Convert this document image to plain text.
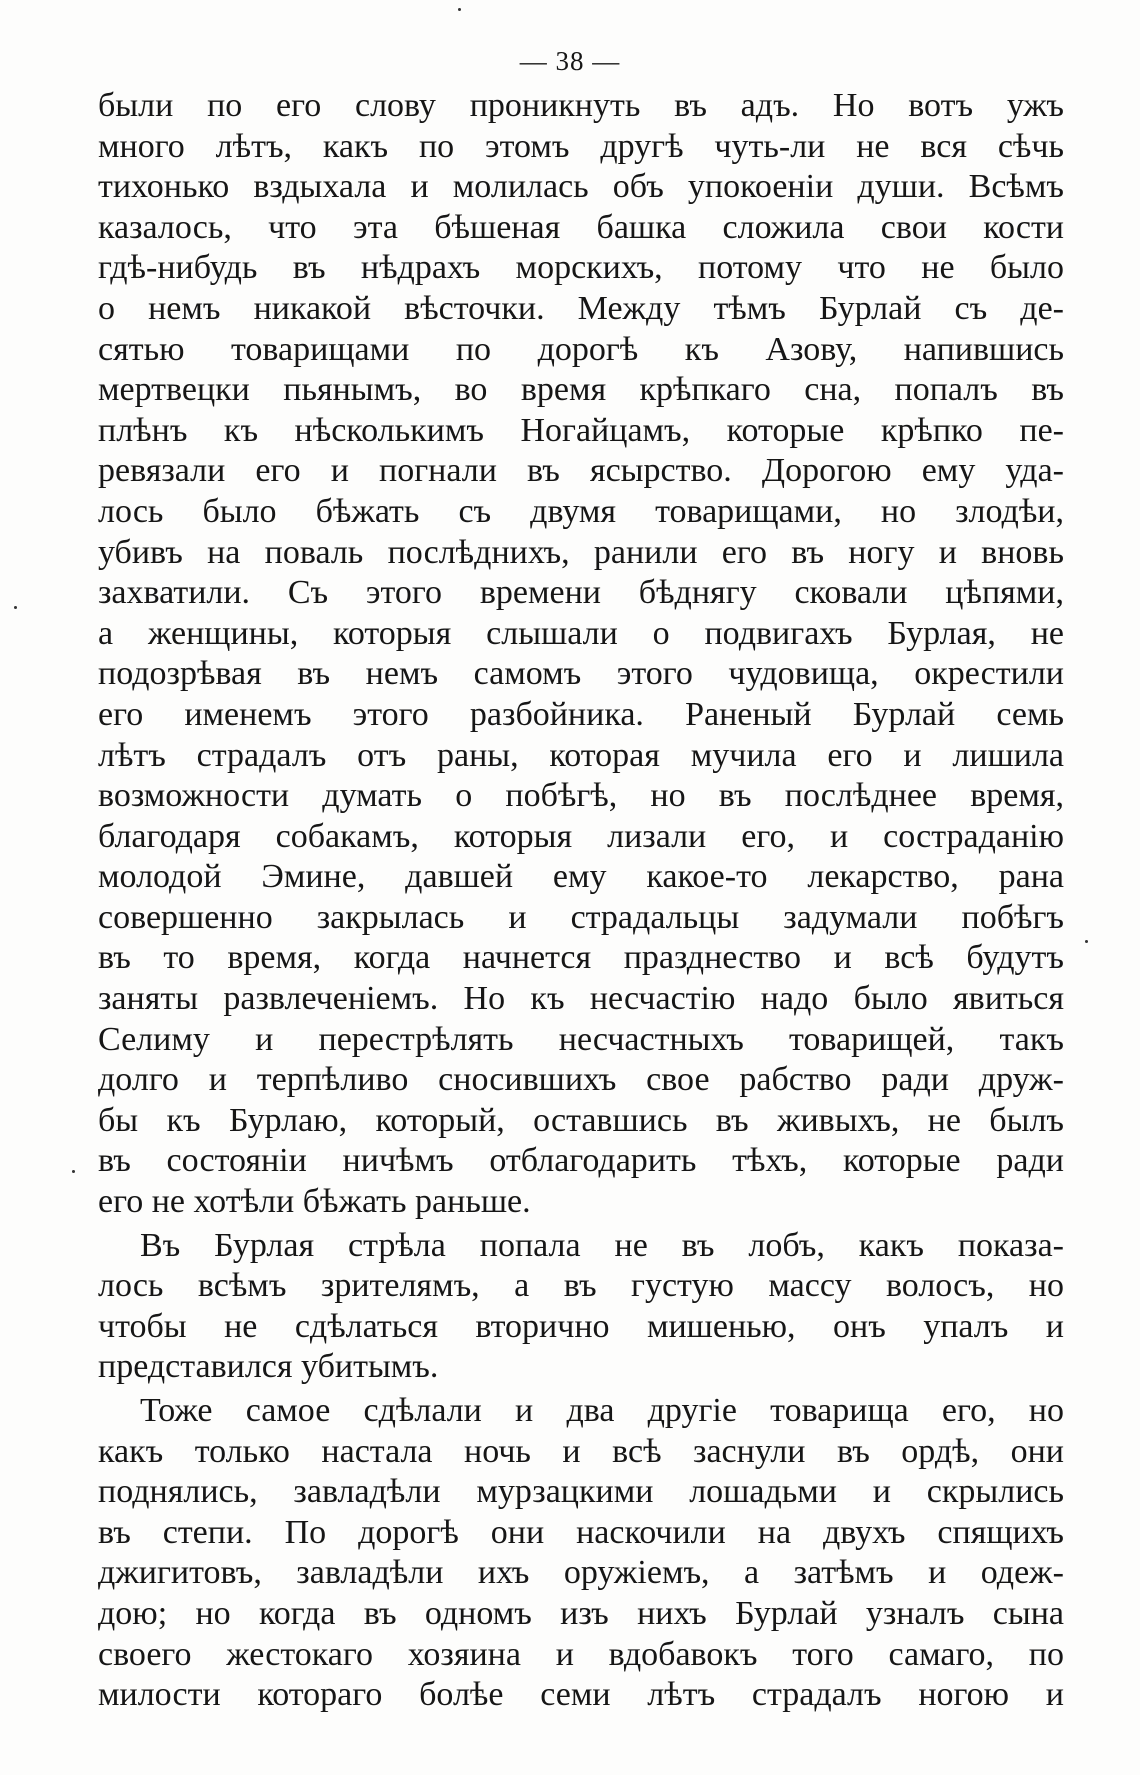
— 38 —
были по его слову проникнуть въ адъ. Но вотъ ужъ
много лѣтъ, какъ по этомъ другѣ чуть-ли не вся сѣчь
тихонько вздыхала и молилась объ упокоенiи души. Всѣмъ
казалось, что эта бѣшеная башка сложила свои кости
гдѣ-нибудь въ нѣдрахъ морскихъ, потому что не было
о немъ никакой вѣсточки. Между тѣмъ Бурлай съ де-
сятью товарищами по дорогѣ къ Азову, напившись
мертвецки пьянымъ, во время крѣпкаго сна, попалъ въ
плѣнъ къ нѣсколькимъ Ногайцамъ, которые крѣпко пе-
ревязали его и погнали въ ясырство. Дорогою ему уда-
лось было бѣжать съ двумя товарищами, но злодѣи,
убивъ на поваль послѣднихъ, ранили его въ ногу и вновь
захватили. Съ этого времени бѣднягу сковали цѣпями,
а женщины, которыя слышали о подвигахъ Бурлая, не
подозрѣвая въ немъ самомъ этого чудовища, окрестили
его именемъ этого разбойника. Раненый Бурлай семь
лѣтъ страдалъ отъ раны, которая мучила его и лишила
возможности думать о побѣгѣ, но въ послѣднее время,
благодаря собакамъ, которыя лизали его, и состраданiю
молодой Эмине, давшей ему какое-то лекарство, рана
совершенно закрылась и страдальцы задумали побѣгъ
въ то время, когда начнется празднество и всѣ будутъ
заняты развлеченiемъ. Но къ несчастiю надо было явиться
Селиму и перестрѣлять несчастныхъ товарищей, такъ
долго и терпѣливо сносившихъ свое рабство ради друж-
бы къ Бурлаю, который, оставшись въ живыхъ, не былъ
въ состоянiи ничѣмъ отблагодарить тѣхъ, которые ради
его не хотѣли бѣжать раньше.
Въ Бурлая стрѣла попала не въ лобъ, какъ показа-
лось всѣмъ зрителямъ, а въ густую массу волосъ, но
чтобы не сдѣлаться вторично мишенью, онъ упалъ и
представился убитымъ.
Тоже самое сдѣлали и два другiе товарища его, но
какъ только настала ночь и всѣ заснули въ ордѣ, они
поднялись, завладѣли мурзацкими лошадьми и скрылись
въ степи. По дорогѣ они наскочили на двухъ спящихъ
джигитовъ, завладѣли ихъ оружiемъ, а затѣмъ и одеж-
дою; но когда въ одномъ изъ нихъ Бурлай узналъ сына
своего жестокаго хозяина и вдобавокъ того самаго, по
милости котораго болѣе семи лѣтъ страдалъ ногою и
